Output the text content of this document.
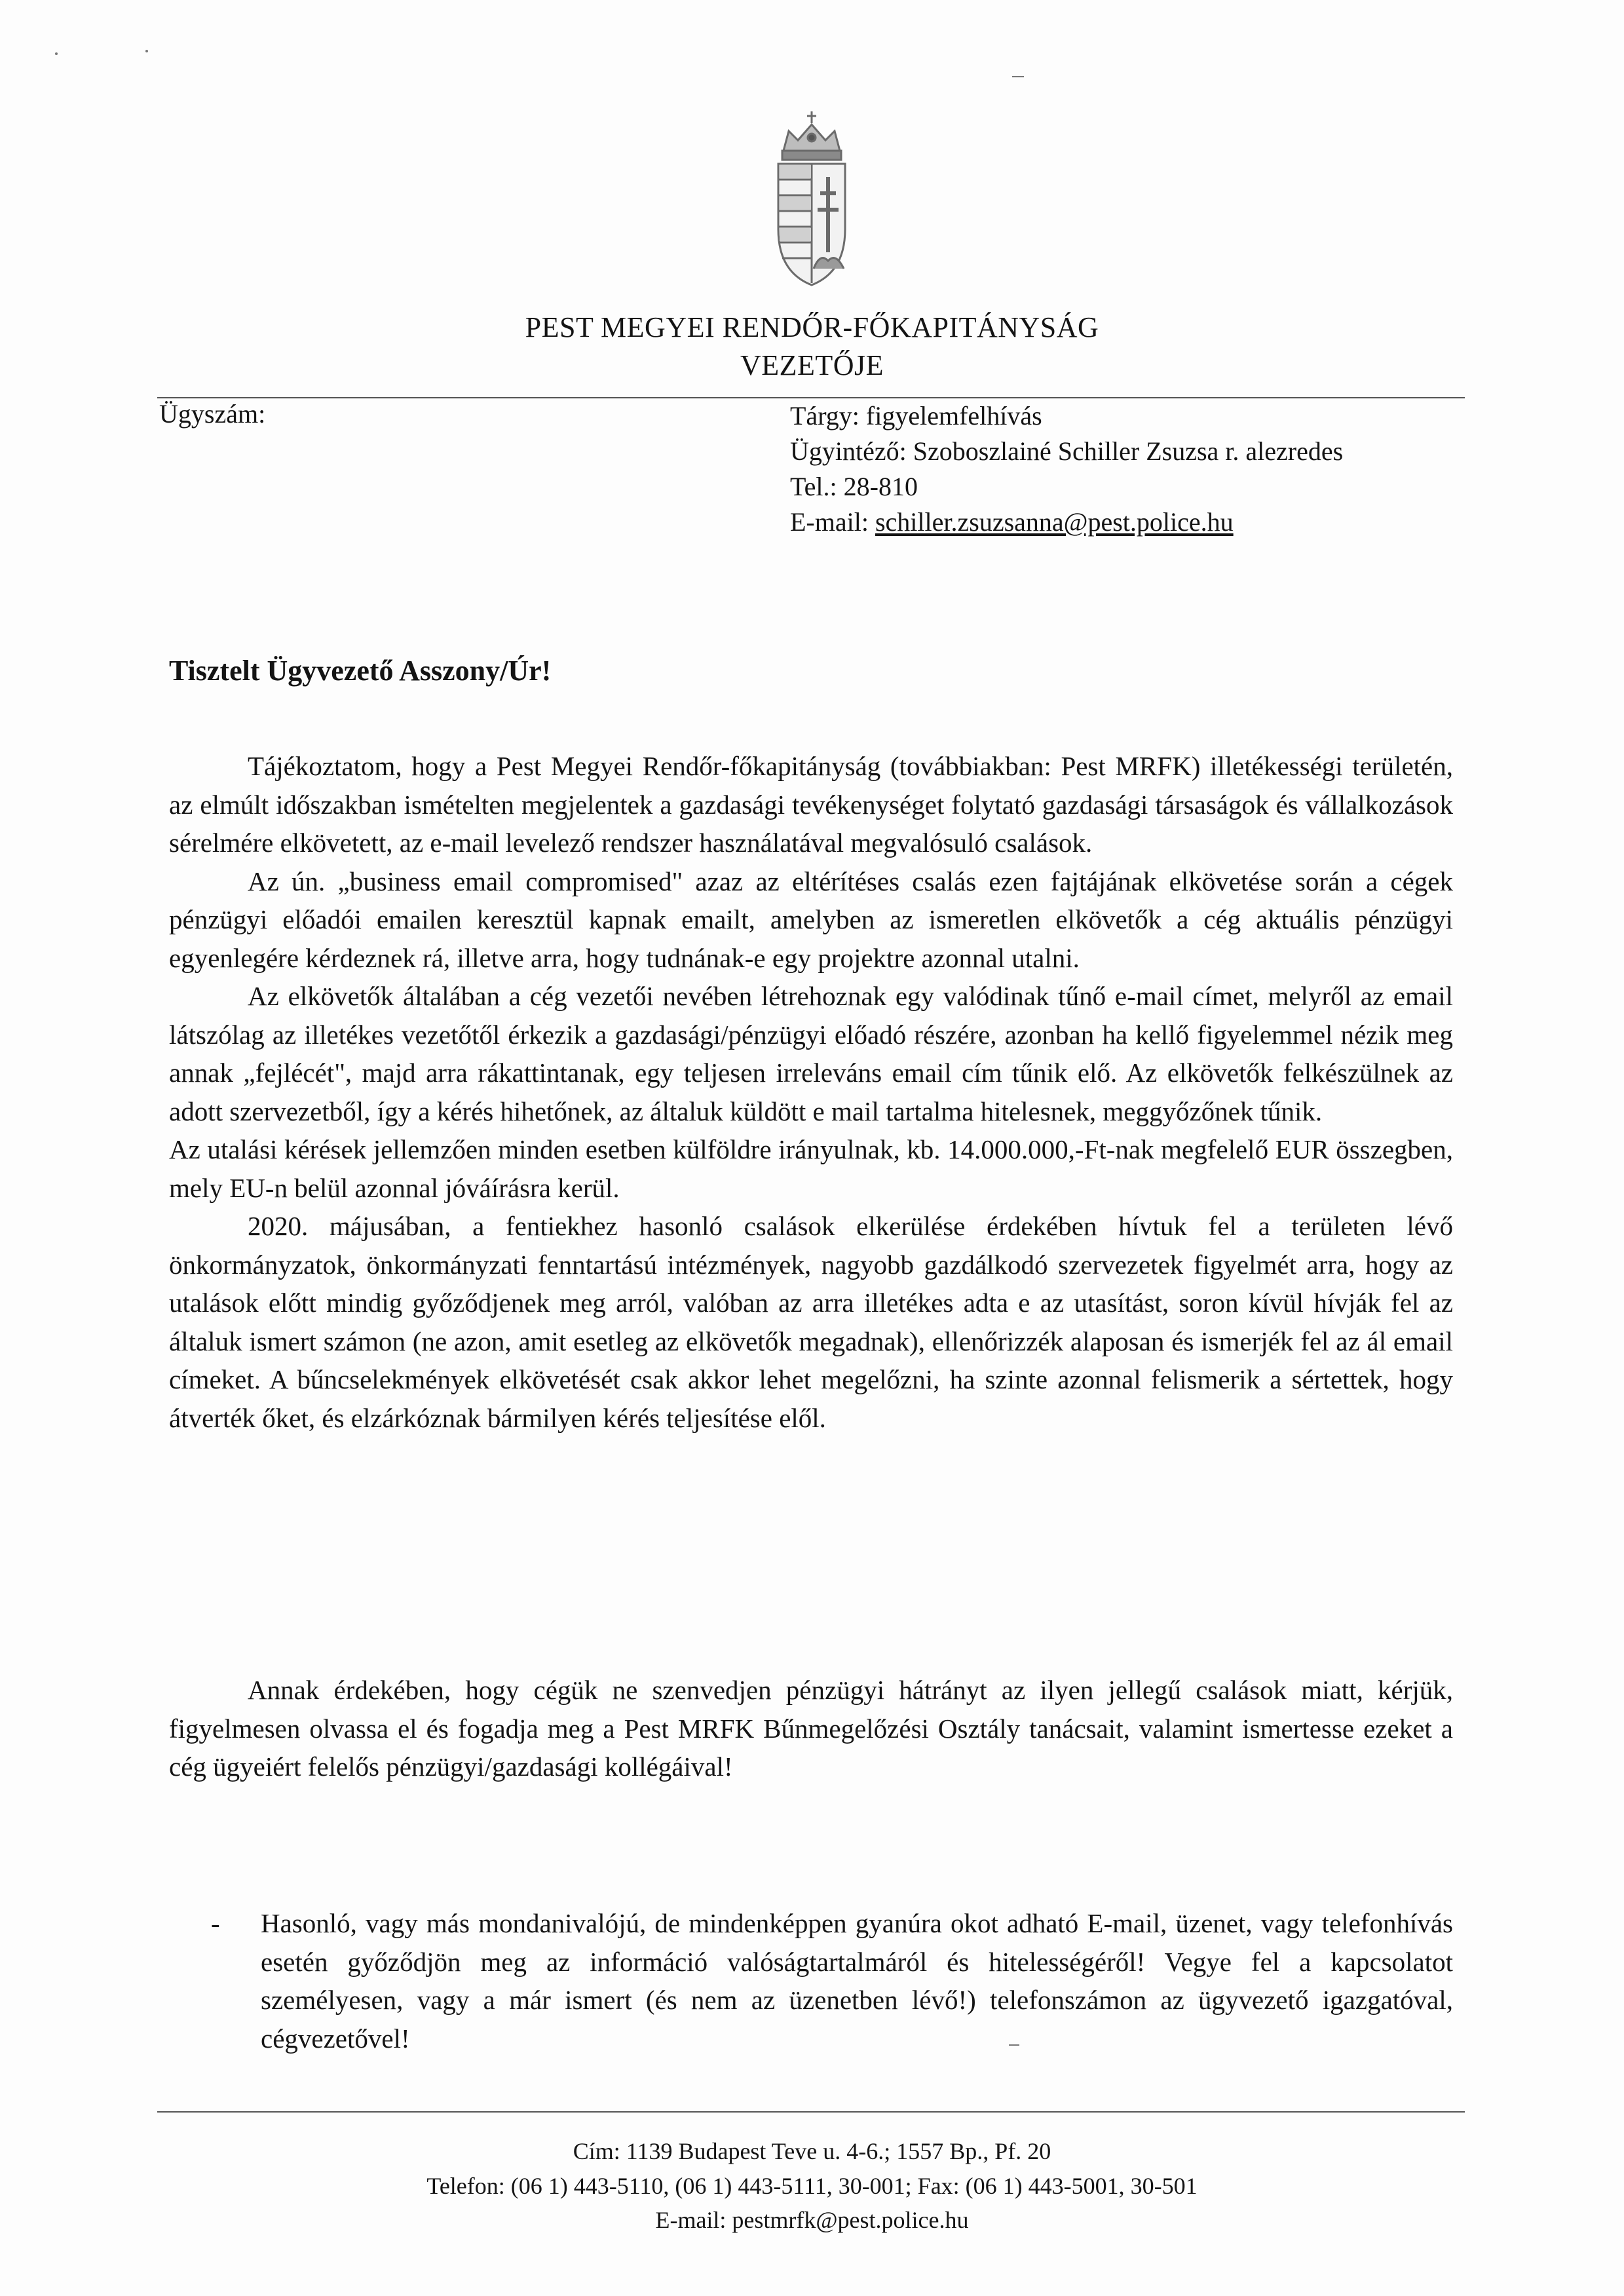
PEST MEGYEI RENDŐR-FŐKAPITÁNYSÁG
VEZETŐJE
Ügyszám:	Tárgy: figyelemfelhívás
Ügyintéző: Szoboszlainé Schiller Zsuzsa r. alezredes
Tel.: 28-810
E-mail: schiller.zsuzsanna@pest.police.hu
Tisztelt Ügyvezető Asszony/Úr!

Tájékoztatom, hogy a Pest Megyei Rendőr-főkapitányság (továbbiakban: Pest MRFK) illetékességi területén, az elmúlt időszakban ismételten megjelentek a gazdasági tevékenységet folytató gazdasági társaságok és vállalkozások sérelmére elkövetett, az e-mail levelező rendszer használatával megvalósuló csalások.

Az ún. „business email compromised" azaz az eltérítéses csalás ezen fajtájának elkövetése során a cégek pénzügyi előadói emailen keresztül kapnak emailt, amelyben az ismeretlen elkövetők a cég aktuális pénzügyi egyenlegére kérdeznek rá, illetve arra, hogy tudnának-e egy projektre azonnal utalni.

Az elkövetők általában a cég vezetői nevében létrehoznak egy valódinak tűnő e-mail címet, melyről az email látszólag az illetékes vezetőtől érkezik a gazdasági/pénzügyi előadó részére, azonban ha kellő figyelemmel nézik meg annak „fejlécét", majd arra rákattintanak, egy teljesen irreleváns email cím tűnik elő. Az elkövetők felkészülnek az adott szervezetből, így a kérés hihetőnek, az általuk küldött e mail tartalma hitelesnek, meggyőzőnek tűnik.

Az utalási kérések jellemzően minden esetben külföldre irányulnak, kb. 14.000.000,-Ft-nak megfelelő EUR összegben, mely EU-n belül azonnal jóváírásra kerül.

2020. májusában, a fentiekhez hasonló csalások elkerülése érdekében hívtuk fel a területen lévő önkormányzatok, önkormányzati fenntartású intézmények, nagyobb gazdálkodó szervezetek figyelmét arra, hogy az utalások előtt mindig győződjenek meg arról, valóban az arra illetékes adta e az utasítást, soron kívül hívják fel az általuk ismert számon (ne azon, amit esetleg az elkövetők megadnak), ellenőrizzék alaposan és ismerjék fel az ál email címeket. A bűncselekmények elkövetését csak akkor lehet megelőzni, ha szinte azonnal felismerik a sértettek, hogy átverték őket, és elzárkóznak bármilyen kérés teljesítése elől.

Annak érdekében, hogy cégük ne szenvedjen pénzügyi hátrányt az ilyen jellegű csalások miatt, kérjük, figyelmesen olvassa el és fogadja meg a Pest MRFK Bűnmegelőzési Osztály tanácsait, valamint ismertesse ezeket a cég ügyeiért felelős pénzügyi/gazdasági kollégáival!

- Hasonló, vagy más mondanivalójú, de mindenképpen gyanúra okot adható E-mail, üzenet, vagy telefonhívás esetén győződjön meg az információ valóságtartalmáról és hitelességéről! Vegye fel a kapcsolatot személyesen, vagy a már ismert (és nem az üzenetben lévő!) telefonszámon az ügyvezető igazgatóval, cégvezetővel!

Cím: 1139 Budapest Teve u. 4-6.; 1557 Bp., Pf. 20
Telefon: (06 1) 443-5110, (06 1) 443-5111, 30-001; Fax: (06 1) 443-5001, 30-501
E-mail: pestmrfk@pest.police.hu
